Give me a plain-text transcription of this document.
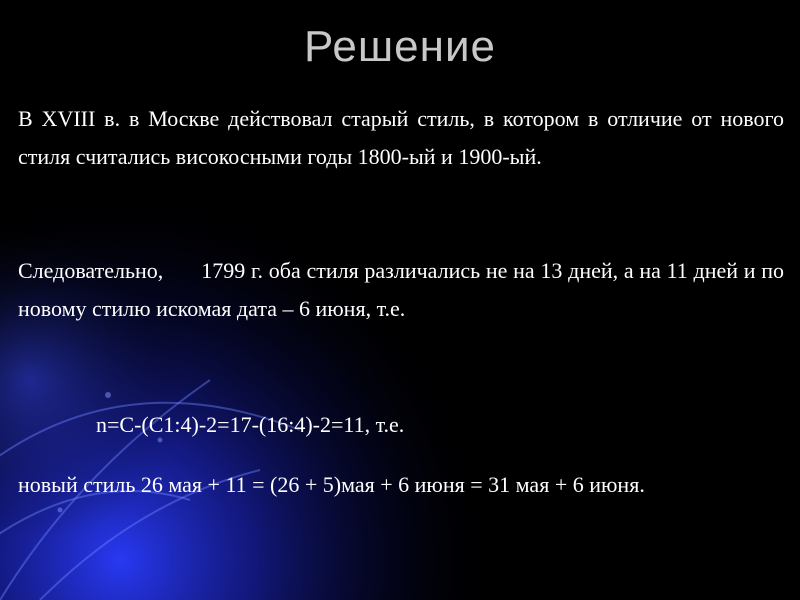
Решение
В XVIII в. в Москве действовал старый стиль, в котором в отличие от нового стиля считались високосными годы 1800-ый и 1900-ый.
Следовательно, 1799 г. оба стиля различались не на 13 дней, а на 11 дней и по новому стилю искомая дата – 6 июня, т.е.
n=C-(C1:4)-2=17-(16:4)-2=11, т.е.
новый стиль 26 мая + 11 = (26 + 5)мая + 6 июня = 31 мая + 6 июня.
